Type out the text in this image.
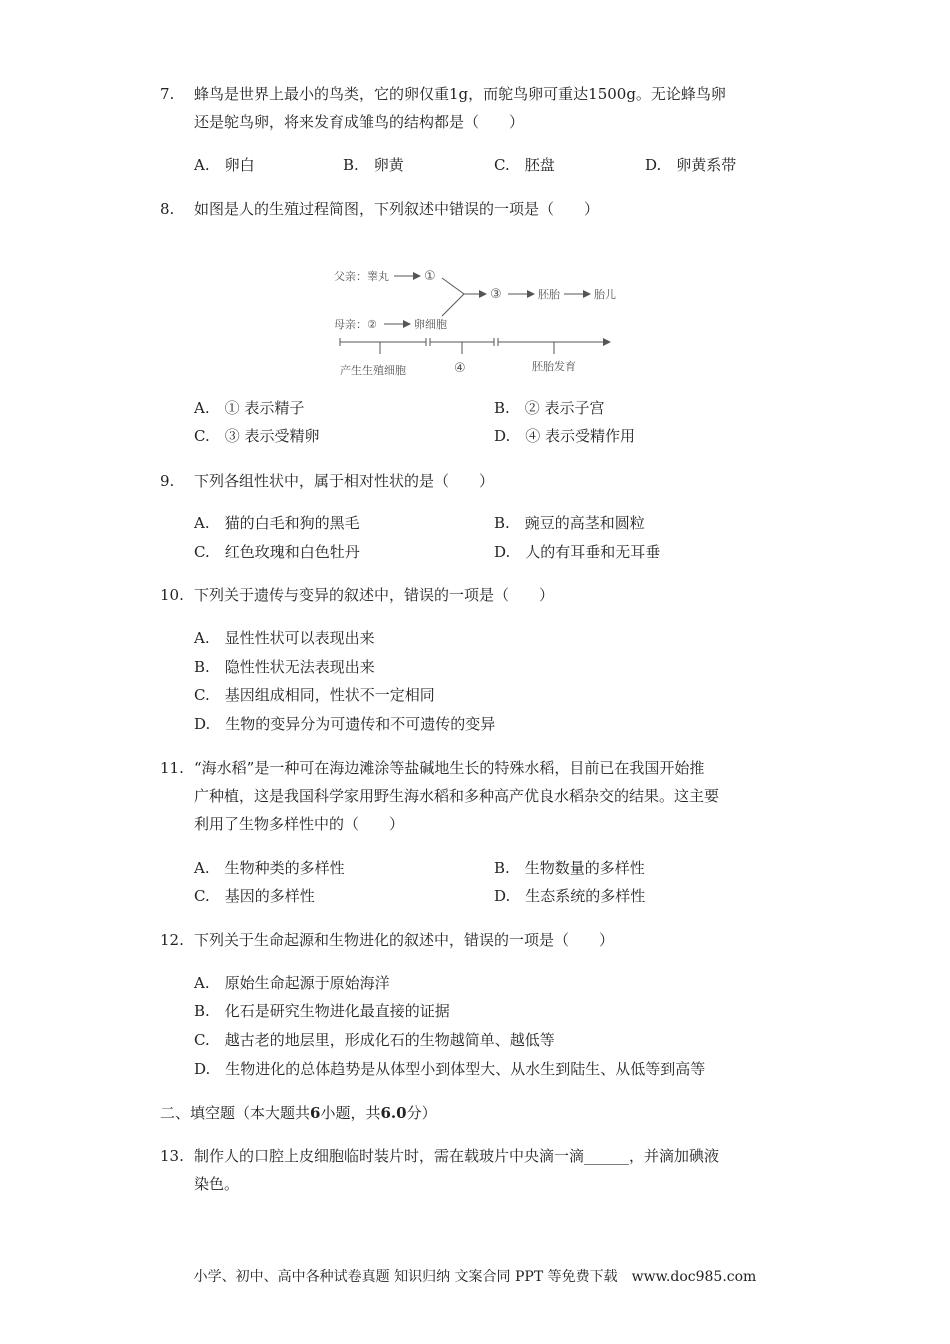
7. 蜂鸟是世界上最小的鸟类，它的卵仅重1g，而鸵鸟卵可重达1500g。无论蜂鸟卵
还是鸵鸟卵，将来发育成雏鸟的结构都是（　　）
A.　卵白	B.　卵黄	C.　胚盘	D.　卵黄系带
8. 如图是人的生殖过程简图，下列叙述中错误的一项是（　　）
父亲：睾丸	①
③	胚胎	胎儿
母亲：②	卵细胞
产生生殖细胞	④	胚胎发育
A.　① 表示精子	B.　② 表示子宫
C.　③ 表示受精卵	D.　④ 表示受精作用
9. 下列各组性状中，属于相对性状的是（　　）
A.　猫的白毛和狗的黑毛	B.　豌豆的高茎和圆粒
C.　红色玫瑰和白色牡丹	D.　人的有耳垂和无耳垂
10. 下列关于遗传与变异的叙述中，错误的一项是（　　）
A.　显性性状可以表现出来
B.　隐性性状无法表现出来
C.　基因组成相同，性状不一定相同
D.　生物的变异分为可遗传和不可遗传的变异
11. “海水稻”是一种可在海边滩涂等盐碱地生长的特殊水稻，目前已在我国开始推
广种植，这是我国科学家用野生海水稻和多种高产优良水稻杂交的结果。这主要
利用了生物多样性中的（　　）
A.　生物种类的多样性	B.　生物数量的多样性
C.　基因的多样性	D.　生态系统的多样性
12. 下列关于生命起源和生物进化的叙述中，错误的一项是（　　）
A.　原始生命起源于原始海洋
B.　化石是研究生物进化最直接的证据
C.　越古老的地层里，形成化石的生物越简单、越低等
D.　生物进化的总体趋势是从体型小到体型大、从水生到陆生、从低等到高等
二、填空题（本大题共6小题，共6.0分）
13. 制作人的口腔上皮细胞临时装片时，需在载玻片中央滴一滴______，并滴加碘液
染色。
小学、初中、高中各种试卷真题 知识归纳 文案合同 PPT 等免费下载　www.doc985.com
